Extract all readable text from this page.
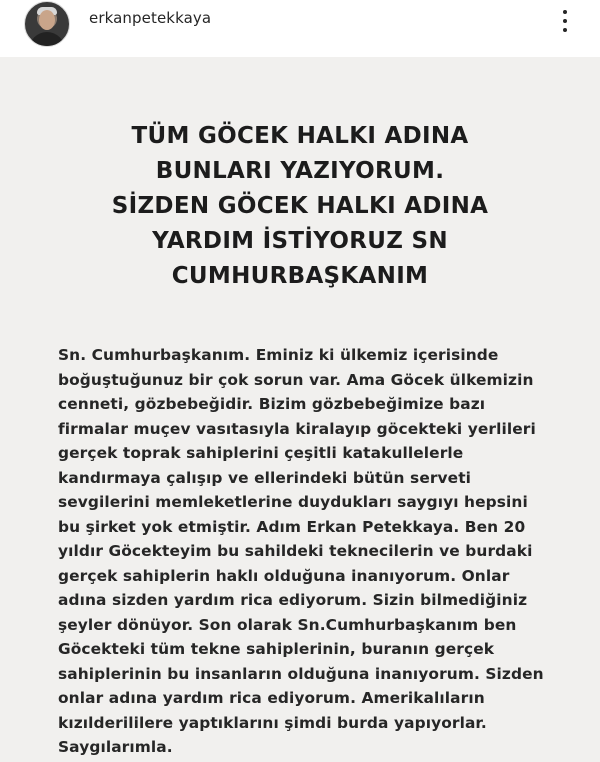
erkanpetekkaya
TÜM GÖCEK HALKI ADINA
BUNLARI YAZIYORUM.
SİZDEN GÖCEK HALKI ADINA
YARDIM İSTİYORUZ SN
CUMHURBAŞKANIM
Sn. Cumhurbaşkanım. Eminiz ki ülkemiz içerisinde
boğuştuğunuz bir çok sorun var. Ama Göcek ülkemizin
cenneti, gözbebeğidir. Bizim gözbebeğimize bazı
firmalar muçev vasıtasıyla kiralayıp göcekteki yerlileri
gerçek toprak sahiplerini çeşitli katakullelerle
kandırmaya çalışıp ve ellerindeki bütün serveti
sevgilerini memleketlerine duydukları saygıyı hepsini
bu şirket yok etmiştir. Adım Erkan Petekkaya. Ben 20
yıldır Göcekteyim bu sahildeki teknecilerin ve burdaki
gerçek sahiplerin haklı olduğuna inanıyorum. Onlar
adına sizden yardım rica ediyorum. Sizin bilmediğiniz
şeyler dönüyor. Son olarak Sn.Cumhurbaşkanım ben
Göcekteki tüm tekne sahiplerinin, buranın gerçek
sahiplerinin bu insanların olduğuna inanıyorum. Sizden
onlar adına yardım rica ediyorum. Amerikalıların
kızılderililere yaptıklarını şimdi burda yapıyorlar.
Saygılarımla.
